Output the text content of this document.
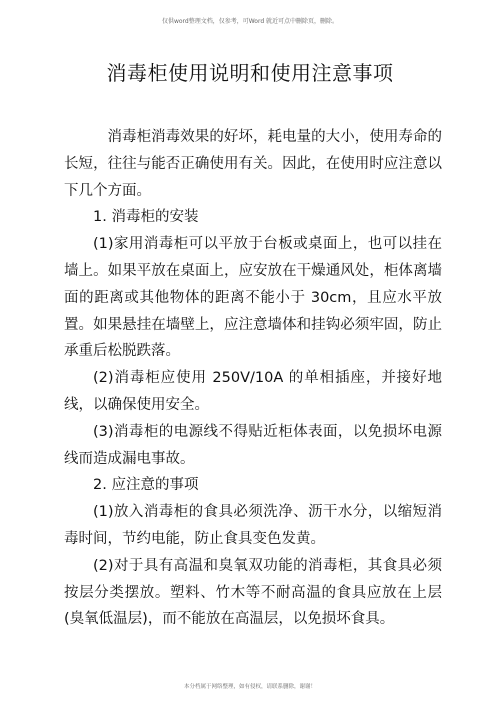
仅供word整理文档，仅参考，可Word 就近可点中删除页，删除。
消毒柜使用说明和使用注意事项

消毒柜消毒效果的好坏，耗电量的大小，使用寿命的长短，往往与能否正确使用有关。因此，在使用时应注意以下几个方面。

1. 消毒柜的安装

(1)家用消毒柜可以平放于台板或桌面上，也可以挂在墙上。如果平放在桌面上，应安放在干燥通风处，柜体离墙面的距离或其他物体的距离不能小于 30cm，且应水平放置。如果悬挂在墙壁上，应注意墙体和挂钩必须牢固，防止承重后松脱跌落。

(2)消毒柜应使用 250V/10A 的单相插座，并接好地线，以确保使用安全。

(3)消毒柜的电源线不得贴近柜体表面，以免损坏电源线而造成漏电事故。

2. 应注意的事项

(1)放入消毒柜的食具必须洗净、沥干水分，以缩短消毒时间，节约电能，防止食具变色发黄。

(2)对于具有高温和臭氧双功能的消毒柜，其食具必须按层分类摆放。塑料、竹木等不耐高温的食具应放在上层(臭氧低温层)，而不能放在高温层，以免损坏食具。

本分档属于网络整理，如有侵权，请联系删除，谢谢！
